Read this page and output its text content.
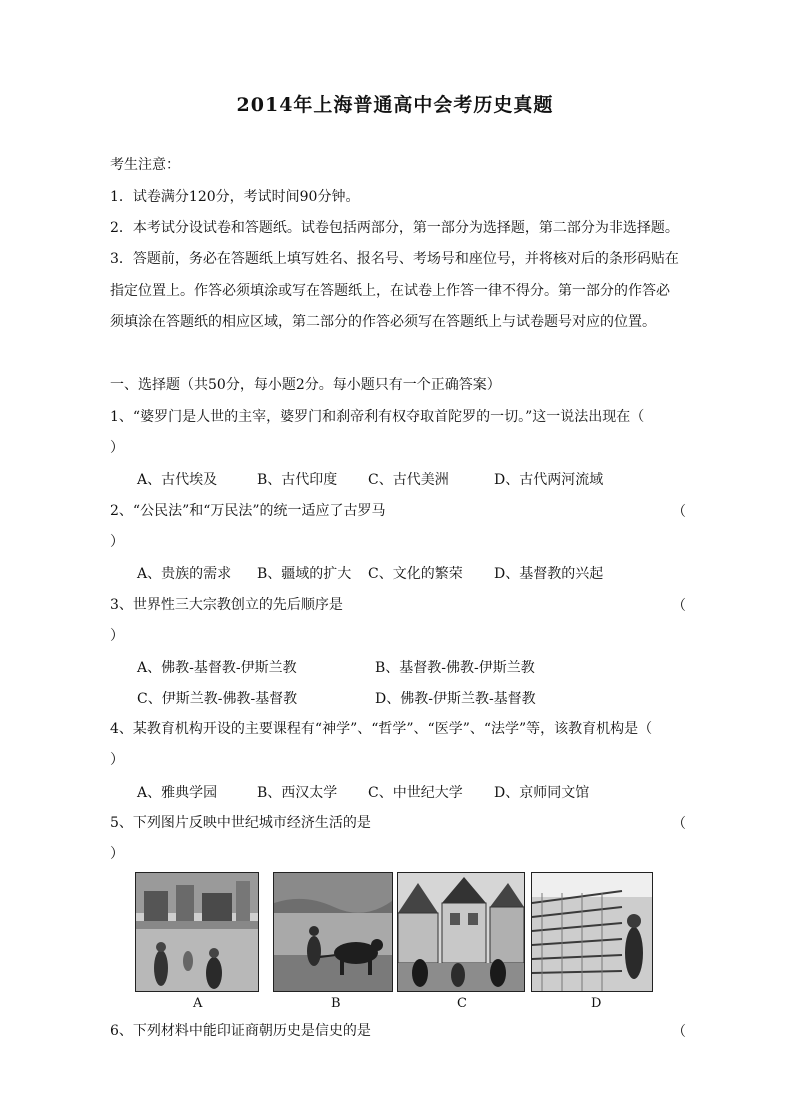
2014年上海普通高中会考历史真题
考生注意：
1．试卷满分120分，考试时间90分钟。
2．本考试分设试卷和答题纸。试卷包括两部分，第一部分为选择题，第二部分为非选择题。
3．答题前，务必在答题纸上填写姓名、报名号、考场号和座位号，并将核对后的条形码贴在
指定位置上。作答必须填涂或写在答题纸上，在试卷上作答一律不得分。第一部分的作答必
须填涂在答题纸的相应区域，第二部分的作答必须写在答题纸上与试卷题号对应的位置。
一、选择题（共50分，每小题2分。每小题只有一个正确答案）
1、“婆罗门是人世的主宰，婆罗门和刹帝利有权夺取首陀罗的一切。”这一说法出现在（
）
A、古代埃及	B、古代印度 C、古代美洲	D、古代两河流域
2、“公民法”和“万民法”的统一适应了古罗马	（
）
A、贵族的需求 B、疆域的扩大 C、文化的繁荣 D、基督教的兴起
3、世界性三大宗教创立的先后顺序是	（
）
A、佛教-基督教-伊斯兰教	B、基督教-佛教-伊斯兰教
C、伊斯兰教-佛教-基督教	D、佛教-伊斯兰教-基督教
4、某教育机构开设的主要课程有“神学”、“哲学”、“医学”、“法学”等，该教育机构是（
）
A、雅典学园	B、西汉太学 C、中世纪大学 D、京师同文馆
5、下列图片反映中世纪城市经济生活的是	（
）
A	B	C	D
6、下列材料中能印证商朝历史是信史的是	（
